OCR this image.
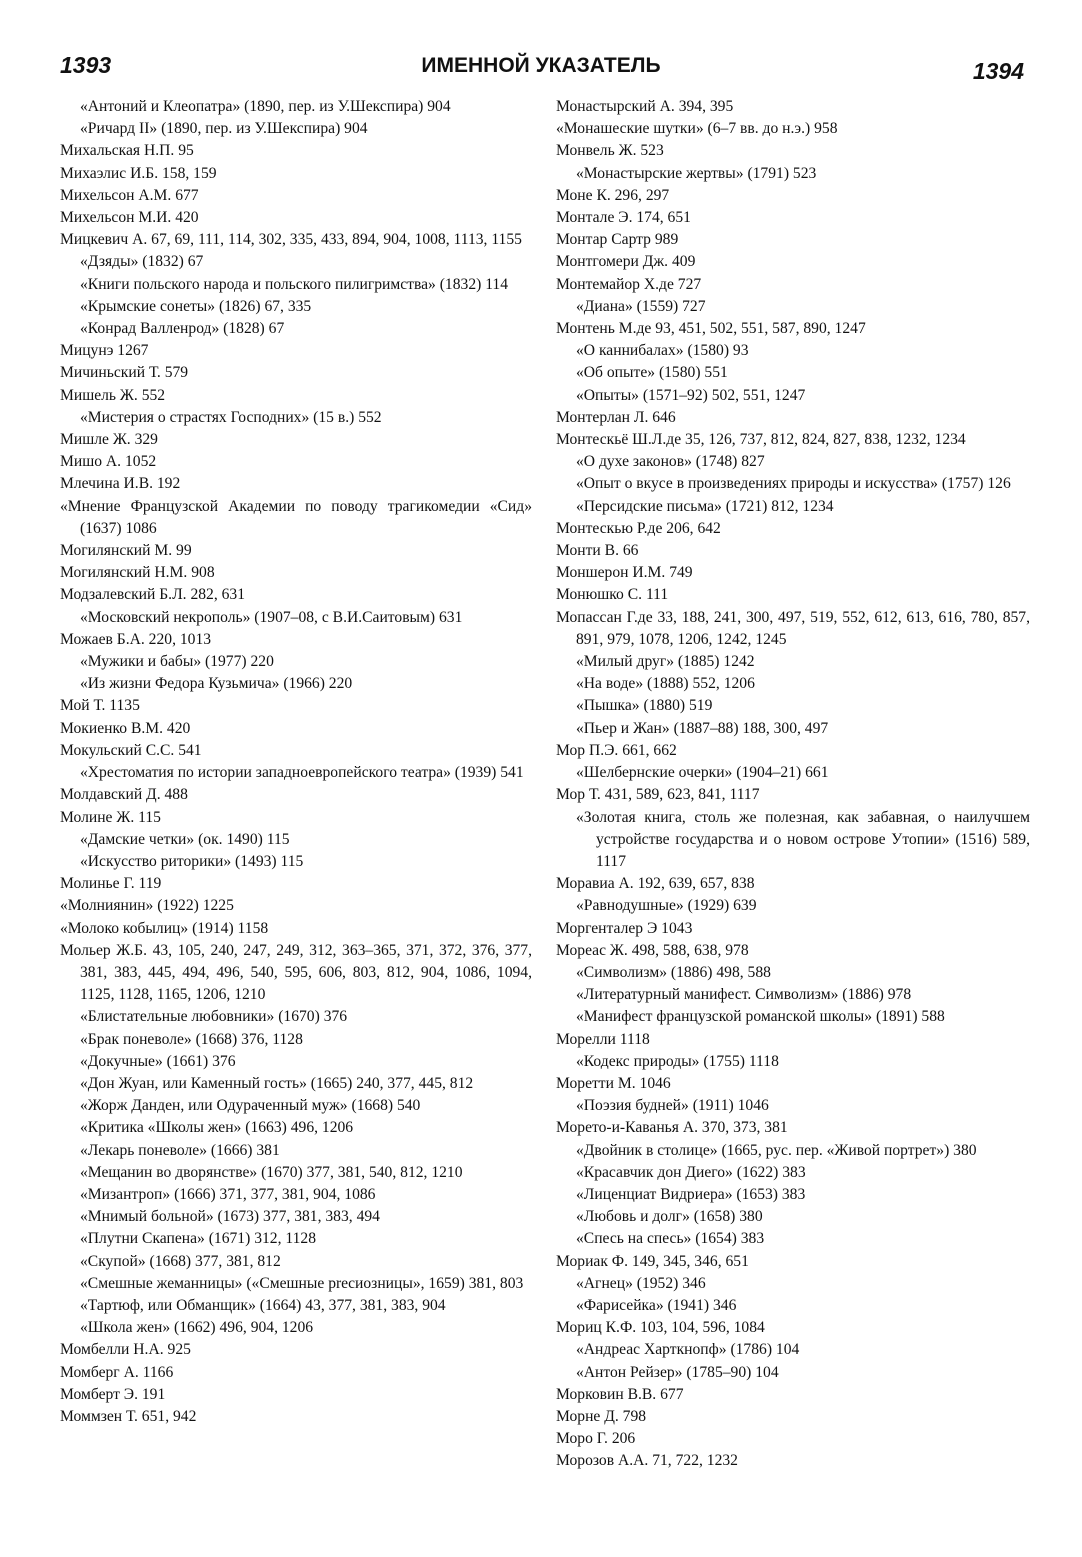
1393	ИМЕННОЙ УКАЗАТЕЛЬ	1394

«Антоний и Клеопатра» (1890, пер. из У.Шекспира) 904

«Ричард II» (1890, пер. из У.Шекспира) 904

Михальская Н.П. 95

Михаэлис И.Б. 158, 159

Михельсон А.М. 677

Михельсон М.И. 420

Мицкевич А. 67, 69, 111, 114, 302, 335, 433, 894, 904, 1008, 1113, 1155

«Дзяды» (1832) 67

«Книги польского народа и польского пилигримства» (1832) 114

«Крымские сонеты» (1826) 67, 335

«Конрад Валленрод» (1828) 67

Мицунэ 1267

Мичиньский Т. 579

Мишель Ж. 552

«Мистерия о страстях Господних» (15 в.) 552

Мишле Ж. 329

Мишо А. 1052

Млечина И.В. 192

«Мнение Французской Академии по поводу трагикомедии «Сид» (1637) 1086

Могилянский М. 99

Могилянский Н.М. 908

Модзалевский Б.Л. 282, 631

«Московский некрополь» (1907–08, с В.И.Саитовым) 631

Можаев Б.А. 220, 1013

«Мужики и бабы» (1977) 220

«Из жизни Федора Кузьмича» (1966) 220

Мой Т. 1135

Мокиенко В.М. 420

Мокульский С.С. 541

«Хрестоматия по истории западноевропейского театра» (1939) 541

Молдавский Д. 488

Молине Ж. 115

«Дамские четки» (ок. 1490) 115

«Искусство риторики» (1493) 115

Молинье Г. 119

«Молниянин» (1922) 1225

«Молоко кобылиц» (1914) 1158

Мольер Ж.Б. 43, 105, 240, 247, 249, 312, 363–365, 371, 372, 376, 377, 381, 383, 445, 494, 496, 540, 595, 606, 803, 812, 904, 1086, 1094, 1125, 1128, 1165, 1206, 1210

«Блистательные любовники» (1670) 376

«Брак поневоле» (1668) 376, 1128

«Докучные» (1661) 376

«Дон Жуан, или Каменный гость» (1665) 240, 377, 445, 812

«Жорж Данден, или Одураченный муж» (1668) 540

«Критика «Школы жен» (1663) 496, 1206

«Лекарь поневоле» (1666) 381

«Мещанин во дворянстве» (1670) 377, 381, 540, 812, 1210

«Мизантроп» (1666) 371, 377, 381, 904, 1086

«Мнимый больной» (1673) 377, 381, 383, 494

«Плутни Скапена» (1671) 312, 1128

«Скупой» (1668) 377, 381, 812

«Смешные жеманницы» («Смешные precиозницы», 1659) 381, 803

«Тартюф, или Обманщик» (1664) 43, 377, 381, 383, 904

«Школа жен» (1662) 496, 904, 1206

Момбелли Н.А. 925

Момберг А. 1166

Момберт Э. 191

Моммзен Т. 651, 942

Монастырский А. 394, 395

«Монашеские шутки» (6–7 вв. до н.э.) 958

Монвель Ж. 523

«Монастырские жертвы» (1791) 523

Моне К. 296, 297

Монтале Э. 174, 651

Монтар Сартр 989

Монтгомери Дж. 409

Монтемайор Х.де 727

«Диана» (1559) 727

Монтень М.де 93, 451, 502, 551, 587, 890, 1247

«О каннибалах» (1580) 93

«Об опыте» (1580) 551

«Опыты» (1571–92) 502, 551, 1247

Монтерлан Л. 646

Монтескьё Ш.Л.де 35, 126, 737, 812, 824, 827, 838, 1232, 1234

«О духе законов» (1748) 827

«Опыт о вкусе в произведениях природы и искусства» (1757) 126

«Персидские письма» (1721) 812, 1234

Монтескью Р.де 206, 642

Монти В. 66

Моншерон И.М. 749

Монюшко С. 111

Мопассан Г.де 33, 188, 241, 300, 497, 519, 552, 612, 613, 616, 780, 857, 891, 979, 1078, 1206, 1242, 1245

«Милый друг» (1885) 1242

«На воде» (1888) 552, 1206

«Пышка» (1880) 519

«Пьер и Жан» (1887–88) 188, 300, 497

Мор П.Э. 661, 662

«Шелбернские очерки» (1904–21) 661

Мор Т. 431, 589, 623, 841, 1117

«Золотая книга, столь же полезная, как забавная, о наилучшем устройстве государства и о новом острове Утопии» (1516) 589, 1117

Моравиа А. 192, 639, 657, 838

«Равнодушные» (1929) 639

Моргенталер Э 1043

Мореас Ж. 498, 588, 638, 978

«Символизм» (1886) 498, 588

«Литературный манифест. Символизм» (1886) 978

«Манифест французской романской школы» (1891) 588

Морелли 1118

«Кодекс природы» (1755) 1118

Моретти М. 1046

«Поэзия будней» (1911) 1046

Морето-и-Каванья А. 370, 373, 381

«Двойник в столице» (1665, рус. пер. «Живой портрет») 380

«Красавчик дон Диего» (1622) 383

«Лиценциат Видриера» (1653) 383

«Любовь и долг» (1658) 380

«Спесь на спесь» (1654) 383

Мориак Ф. 149, 345, 346, 651

«Агнец» (1952) 346

«Фарисейка» (1941) 346

Мориц К.Ф. 103, 104, 596, 1084

«Андреас Харткнопф» (1786) 104

«Антон Рейзер» (1785–90) 104

Морковин В.В. 677

Морне Д. 798

Моро Г. 206

Морозов А.А. 71, 722, 1232
